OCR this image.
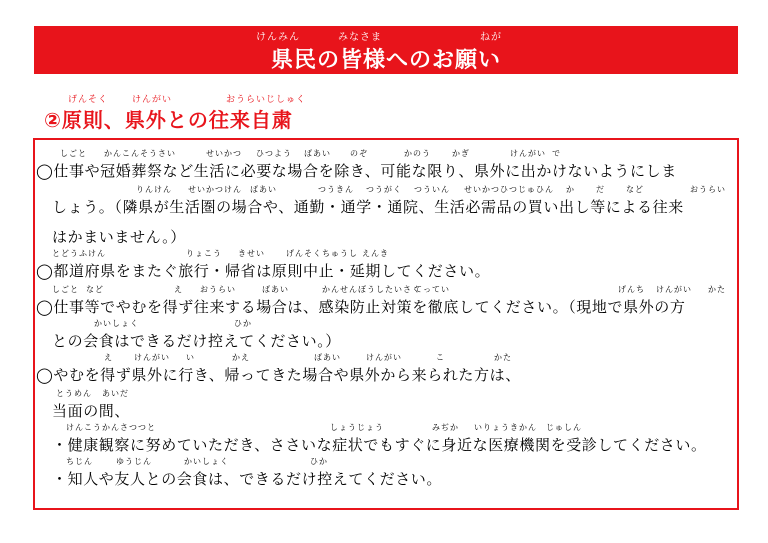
けんみん	みなさま	ねが
県民の皆様へのお願い
げんそく	けんがい	おうらいじしゅく
②原則、県外との往来自粛
しごと かんこんそうさい	せいかつ ひつよう ばあい のぞ	かのう	かぎ	けんがい で
◯仕事や冠婚葬祭など生活に必要な場合を除き、可能な限り、県外に出かけないようにしま
りんけん せいかつけん ばあい	つうきん つうがく つういん せいかつひつじゅひん か	だ	など	おうらい
しょう。（隣県が生活圏の場合や、通勤・通学・通院、生活必需品の買い出し等による往来
はかまいません。）
とどうふけん	りょこう きせい	げんそくちゅうし えんき
◯都道府県をまたぐ旅行・帰省は原則中止・延期してください。
しごと など	え おうらい	ばあい	かんせんぼうしたいさく
てってい	げんち けんがい かた
◯仕事等でやむを得ず往来する場合は、感染防止対策を徹底してください。（現地で県外の方
かいしょく	ひか
との会食はできるだけ控えてください。）
え	けんがい い	かえ	ばあい	けんがい	こ	かた
◯やむを得ず県外に行き、帰ってきた場合や県外から来られた方は、
とうめん あいだ
当面の間、
けんこうかんさつ つと	しょうじょう	みぢか いりょうきかん じゅしん
・健康観察に努めていただき、ささいな症状でもすぐに身近な医療機関を受診してください。
ちじん	ゆうじん	かいしょく	ひか
・知人や友人との会食は、できるだけ控えてください。
